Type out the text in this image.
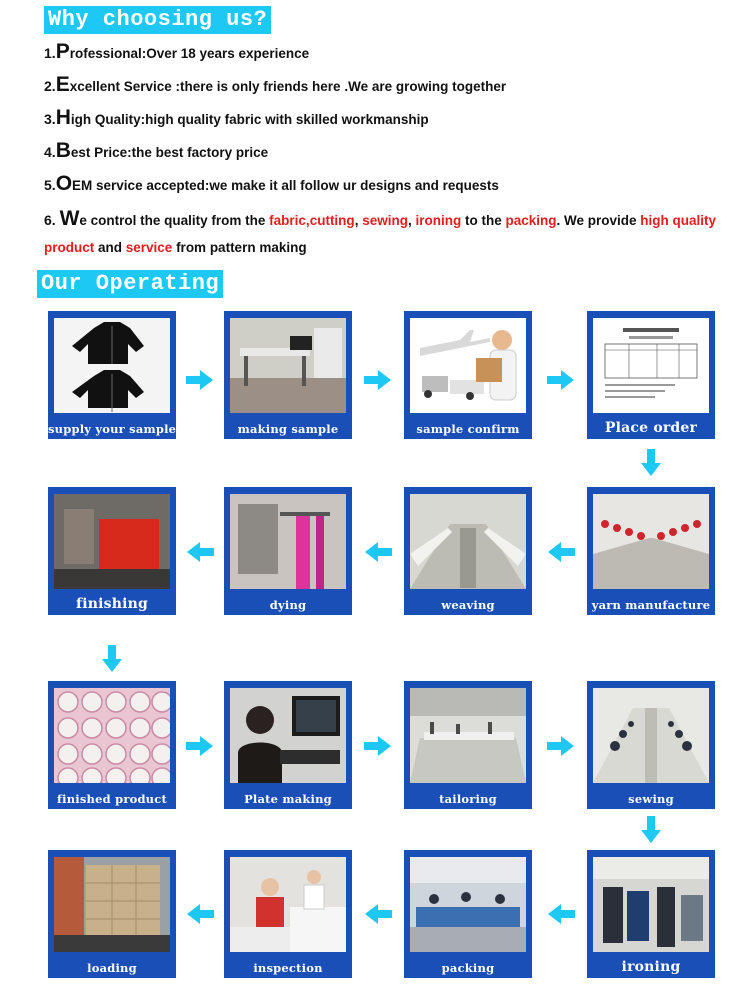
Why choosing us?
1.Professional:Over 18 years experience
2.Excellent Service :there is only friends here .We are growing together
3.High Quality:high quality fabric with skilled workmanship
4.Best Price:the best factory price
5.OEM service accepted:we make it all follow ur designs and requests
6. We control the quality from the fabric,cutting, sewing, ironing to the packing. We provide high quality
product and service from pattern making
Our Operating
supply your sample	making sample	sample confirm	Place order
finishing	dying	weaving	yarn manufacture
finished product	Plate making	tailoring	sewing
loading	inspection	packing	ironing
